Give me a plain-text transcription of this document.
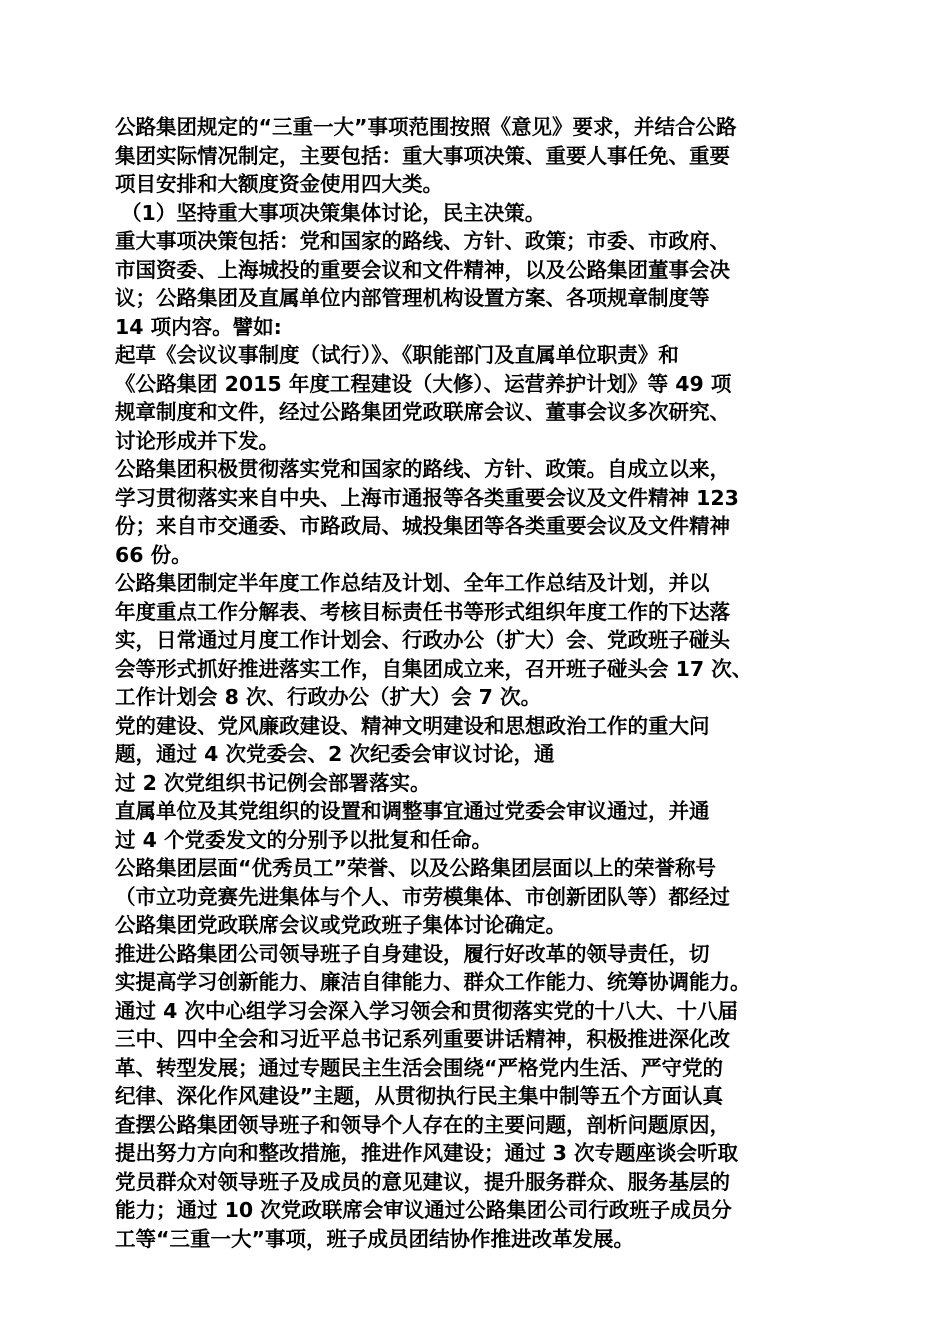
公路集团规定的“三重一大”事项范围按照《意见》要求，并结合公路
集团实际情况制定，主要包括：重大事项决策、重要人事任免、重要
项目安排和大额度资金使用四大类。
（1）坚持重大事项决策集体讨论，民主决策。
重大事项决策包括：党和国家的路线、方针、政策；市委、市政府、
市国资委、上海城投的重要会议和文件精神，以及公路集团董事会决
议；公路集团及直属单位内部管理机构设置方案、各项规章制度等
14 项内容。譬如:
起草《会议议事制度（试行）》、《职能部门及直属单位职责》和
《公路集团 2015 年度工程建设（大修）、运营养护计划》等 49 项
规章制度和文件，经过公路集团党政联席会议、董事会议多次研究、
讨论形成并下发。
公路集团积极贯彻落实党和国家的路线、方针、政策。自成立以来，
学习贯彻落实来自中央、上海市通报等各类重要会议及文件精神 123
份；来自市交通委、市路政局、城投集团等各类重要会议及文件精神
66 份。
公路集团制定半年度工作总结及计划、全年工作总结及计划，并以
年度重点工作分解表、考核目标责任书等形式组织年度工作的下达落
实，日常通过月度工作计划会、行政办公（扩大）会、党政班子碰头
会等形式抓好推进落实工作，自集团成立来，召开班子碰头会 17 次、
工作计划会 8 次、行政办公（扩大）会 7 次。
党的建设、党风廉政建设、精神文明建设和思想政治工作的重大问
题，通过 4 次党委会、2 次纪委会审议讨论，通
过 2 次党组织书记例会部署落实。
直属单位及其党组织的设置和调整事宜通过党委会审议通过，并通
过 4 个党委发文的分别予以批复和任命。
公路集团层面“优秀员工”荣誉、以及公路集团层面以上的荣誉称号
（市立功竞赛先进集体与个人、市劳模集体、市创新团队等）都经过
公路集团党政联席会议或党政班子集体讨论确定。
推进公路集团公司领导班子自身建设，履行好改革的领导责任，切
实提高学习创新能力、廉洁自律能力、群众工作能力、统筹协调能力。
通过 4 次中心组学习会深入学习领会和贯彻落实党的十八大、十八届
三中、四中全会和习近平总书记系列重要讲话精神，积极推进深化改
革、转型发展；通过专题民主生活会围绕“严格党内生活、严守党的
纪律、深化作风建设”主题，从贯彻执行民主集中制等五个方面认真
查摆公路集团领导班子和领导个人存在的主要问题，剖析问题原因，
提出努力方向和整改措施，推进作风建设；通过 3 次专题座谈会听取
党员群众对领导班子及成员的意见建议，提升服务群众、服务基层的
能力；通过 10 次党政联席会审议通过公路集团公司行政班子成员分
工等“三重一大”事项，班子成员团结协作推进改革发展。
